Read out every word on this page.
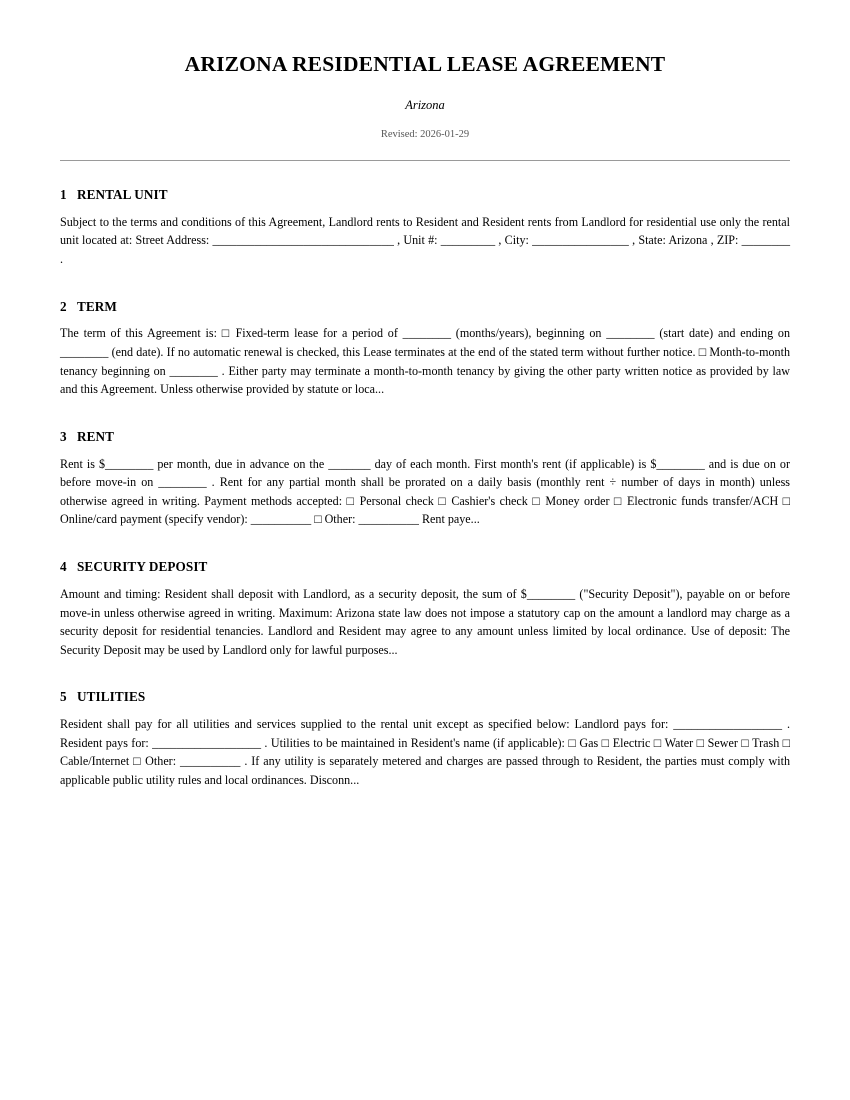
ARIZONA RESIDENTIAL LEASE AGREEMENT
Arizona
Revised: 2026-01-29
1 RENTAL UNIT

Subject to the terms and conditions of this Agreement, Landlord rents to Resident and Resident rents from Landlord for residential use only the rental unit located at: Street Address: ______________________________ , Unit #: _________ , City: ________________ , State: Arizona , ZIP: ________ .

2 TERM

The term of this Agreement is: □ Fixed-term lease for a period of ________ (months/years), beginning on ________ (start date) and ending on ________ (end date). If no automatic renewal is checked, this Lease terminates at the end of the stated term without further notice. □ Month-to-month tenancy beginning on ________ . Either party may terminate a month-to-month tenancy by giving the other party written notice as provided by law and this Agreement. Unless otherwise provided by statute or loca...

3 RENT

Rent is $________ per month, due in advance on the _______ day of each month. First month's rent (if applicable) is $________ and is due on or before move-in on ________ . Rent for any partial month shall be prorated on a daily basis (monthly rent ÷ number of days in month) unless otherwise agreed in writing. Payment methods accepted: □ Personal check □ Cashier's check □ Money order □ Electronic funds transfer/ACH □ Online/card payment (specify vendor): __________ □ Other: __________ Rent paye...

4 SECURITY DEPOSIT

Amount and timing: Resident shall deposit with Landlord, as a security deposit, the sum of $________ ("Security Deposit"), payable on or before move-in unless otherwise agreed in writing. Maximum: Arizona state law does not impose a statutory cap on the amount a landlord may charge as a security deposit for residential tenancies. Landlord and Resident may agree to any amount unless limited by local ordinance. Use of deposit: The Security Deposit may be used by Landlord only for lawful purposes...

5 UTILITIES

Resident shall pay for all utilities and services supplied to the rental unit except as specified below: Landlord pays for: __________________ . Resident pays for: __________________ . Utilities to be maintained in Resident's name (if applicable): □ Gas □ Electric □ Water □ Sewer □ Trash □ Cable/Internet □ Other: __________ . If any utility is separately metered and charges are passed through to Resident, the parties must comply with applicable public utility rules and local ordinances. Disconn...
